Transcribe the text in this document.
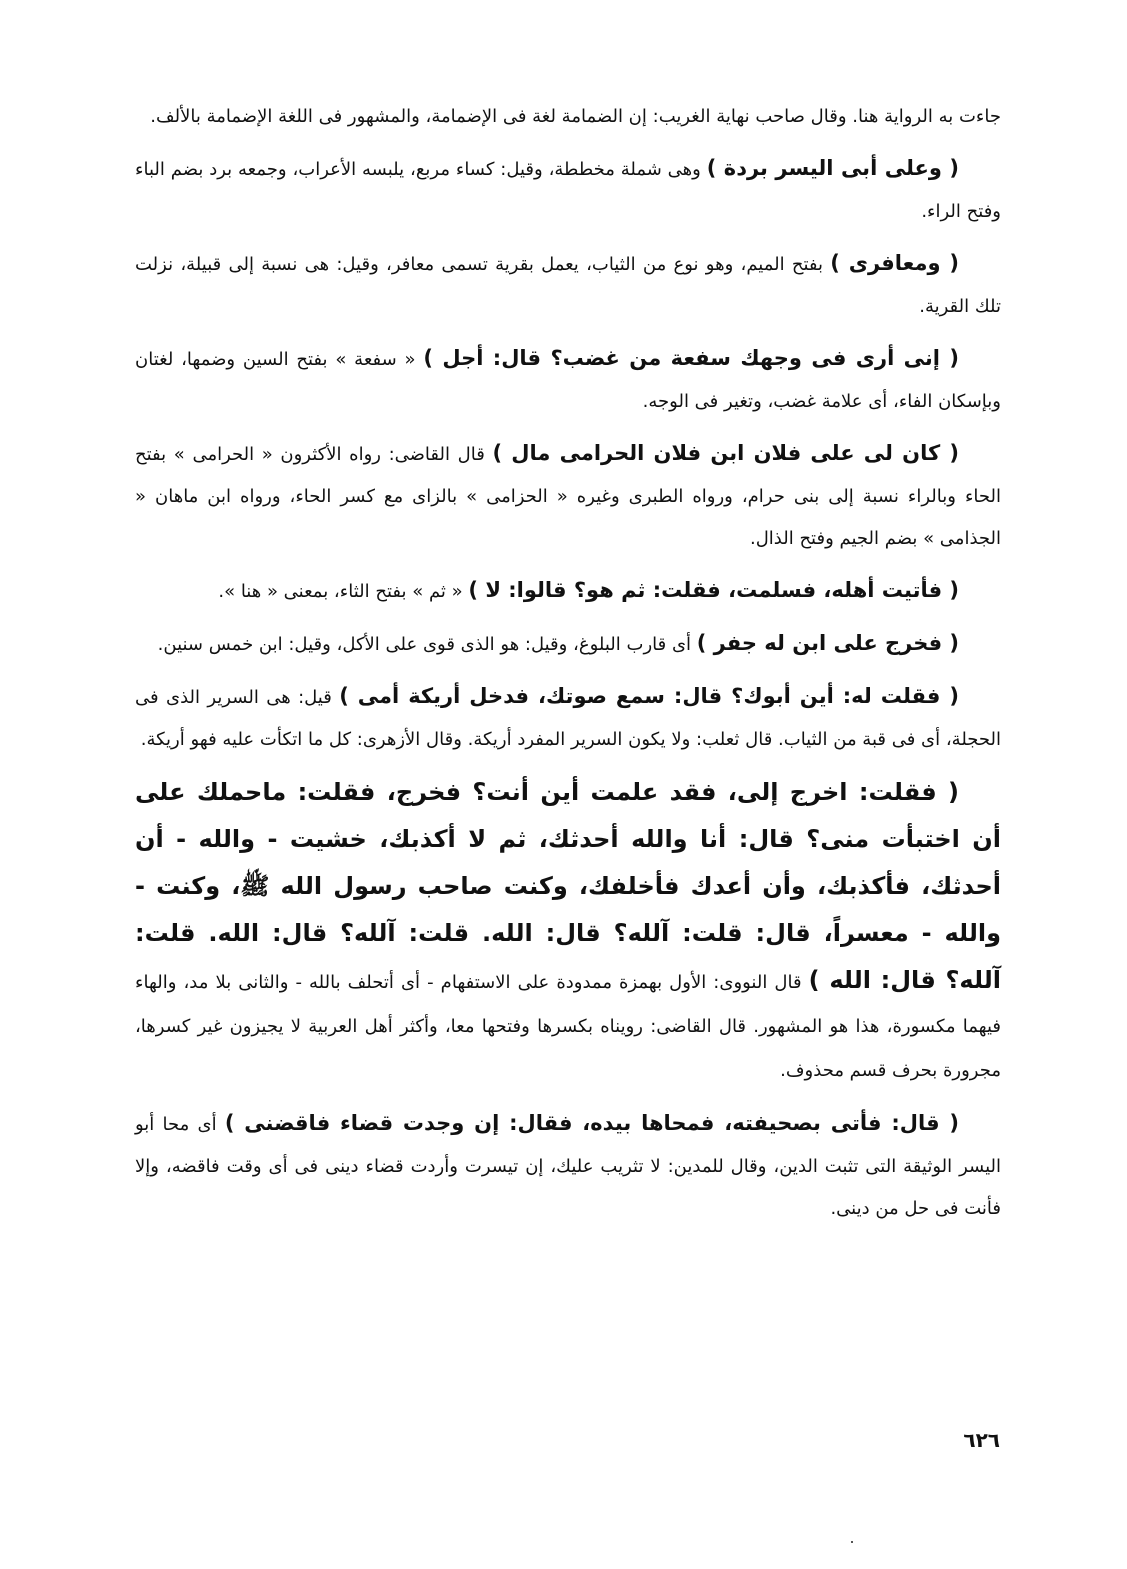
جاءت به الرواية هنا. وقال صاحب نهاية الغريب: إن الضمامة لغة فى الإضمامة، والمشهور فى اللغة الإضمامة بالألف.

( وعلى أبى اليسر بردة ) وهى شملة مخططة، وقيل: كساء مربع، يلبسه الأعراب، وجمعه برد بضم الباء وفتح الراء.

( ومعافرى ) بفتح الميم، وهو نوع من الثياب، يعمل بقرية تسمى معافر، وقيل: هى نسبة إلى قبيلة، نزلت تلك القرية.

( إنى أرى فى وجهك سفعة من غضب؟ قال: أجل ) « سفعة » بفتح السين وضمها، لغتان وبإسكان الفاء، أى علامة غضب، وتغير فى الوجه.

( كان لى على فلان ابن فلان الحرامى مال ) قال القاضى: رواه الأكثرون « الحرامى » بفتح الحاء وبالراء نسبة إلى بنى حرام، ورواه الطبرى وغيره « الحزامى » بالزاى مع كسر الحاء، ورواه ابن ماهان « الجذامى » بضم الجيم وفتح الذال.

( فأتيت أهله، فسلمت، فقلت: ثم هو؟ قالوا: لا ) « ثم » بفتح الثاء، بمعنى « هنا ».

( فخرج على ابن له جفر ) أى قارب البلوغ، وقيل: هو الذى قوى على الأكل، وقيل: ابن خمس سنين.

( فقلت له: أين أبوك؟ قال: سمع صوتك، فدخل أريكة أمى ) قيل: هى السرير الذى فى الحجلة، أى فى قبة من الثياب. قال ثعلب: ولا يكون السرير المفرد أريكة. وقال الأزهرى: كل ما اتكأت عليه فهو أريكة.

( فقلت: اخرج إلى، فقد علمت أين أنت؟ فخرج، فقلت: ماحملك على أن اختبأت منى؟ قال: أنا والله أحدثك، ثم لا أكذبك، خشيت - والله - أن أحدثك، فأكذبك، وأن أعدك فأخلفك، وكنت صاحب رسول الله ﷺ، وكنت - والله - معسراً، قال: قلت: آلله؟ قال: الله. قلت: آلله؟ قال: الله. قلت: آلله؟ قال: الله ) قال النووى: الأول بهمزة ممدودة على الاستفهام - أى أتحلف بالله - والثانى بلا مد، والهاء فيهما مكسورة، هذا هو المشهور. قال القاضى: رويناه بكسرها وفتحها معا، وأكثر أهل العربية لا يجيزون غير كسرها، مجرورة بحرف قسم محذوف.

( قال: فأتى بصحيفته، فمحاها بيده، فقال: إن وجدت قضاء فاقضنى ) أى محا أبو اليسر الوثيقة التى تثبت الدين، وقال للمدين: لا تثريب عليك، إن تيسرت وأردت قضاء دينى فى أى وقت فاقضه، وإلا فأنت فى حل من دينى.

٦٢٦
